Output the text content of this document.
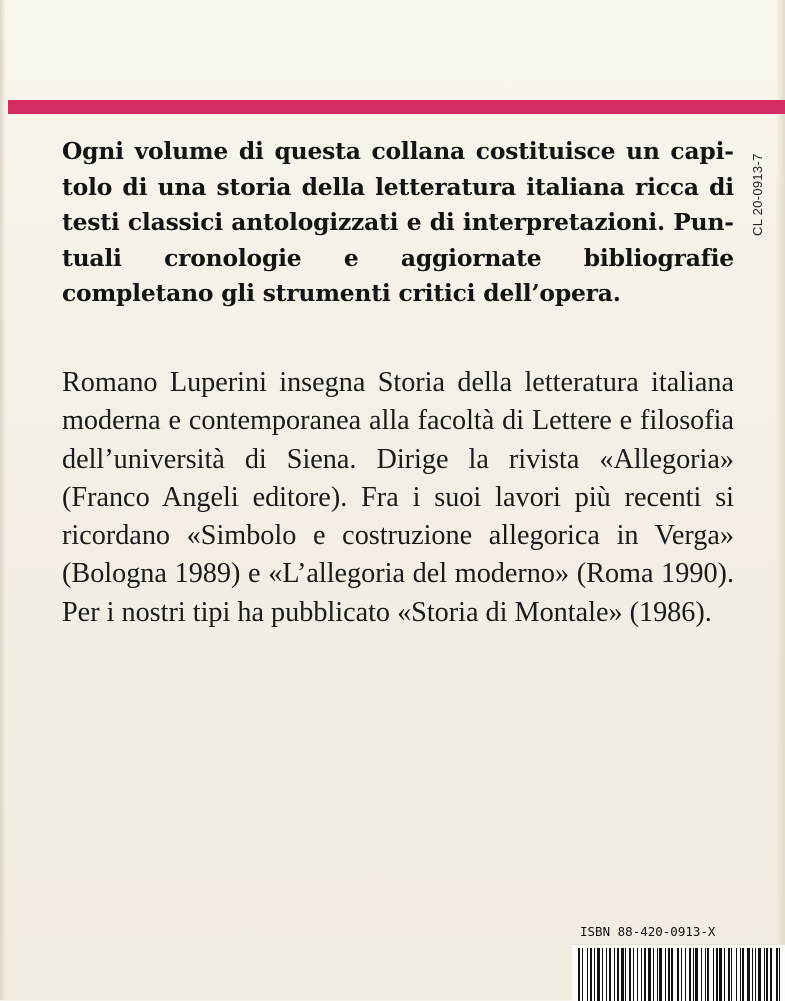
Ogni volume di questa collana costituisce un capitolo di una storia della letteratura italiana ricca di testi classici antologizzati e di interpretazioni. Puntuali cronologie e aggiornate bibliografie completano gli strumenti critici dell’opera.

CL 20-0913-7

Romano Luperini insegna Storia della letteratura italiana moderna e contemporanea alla facoltà di Lettere e filosofia dell’università di Siena. Dirige la rivista «Allegoria» (Franco Angeli editore). Fra i suoi lavori più recenti si ricordano «Simbolo e costruzione allegorica in Verga» (Bologna 1989) e «L’allegoria del moderno» (Roma 1990). Per i nostri tipi ha pubblicato «Storia di Montale» (1986).

ISBN 88-420-0913-X
